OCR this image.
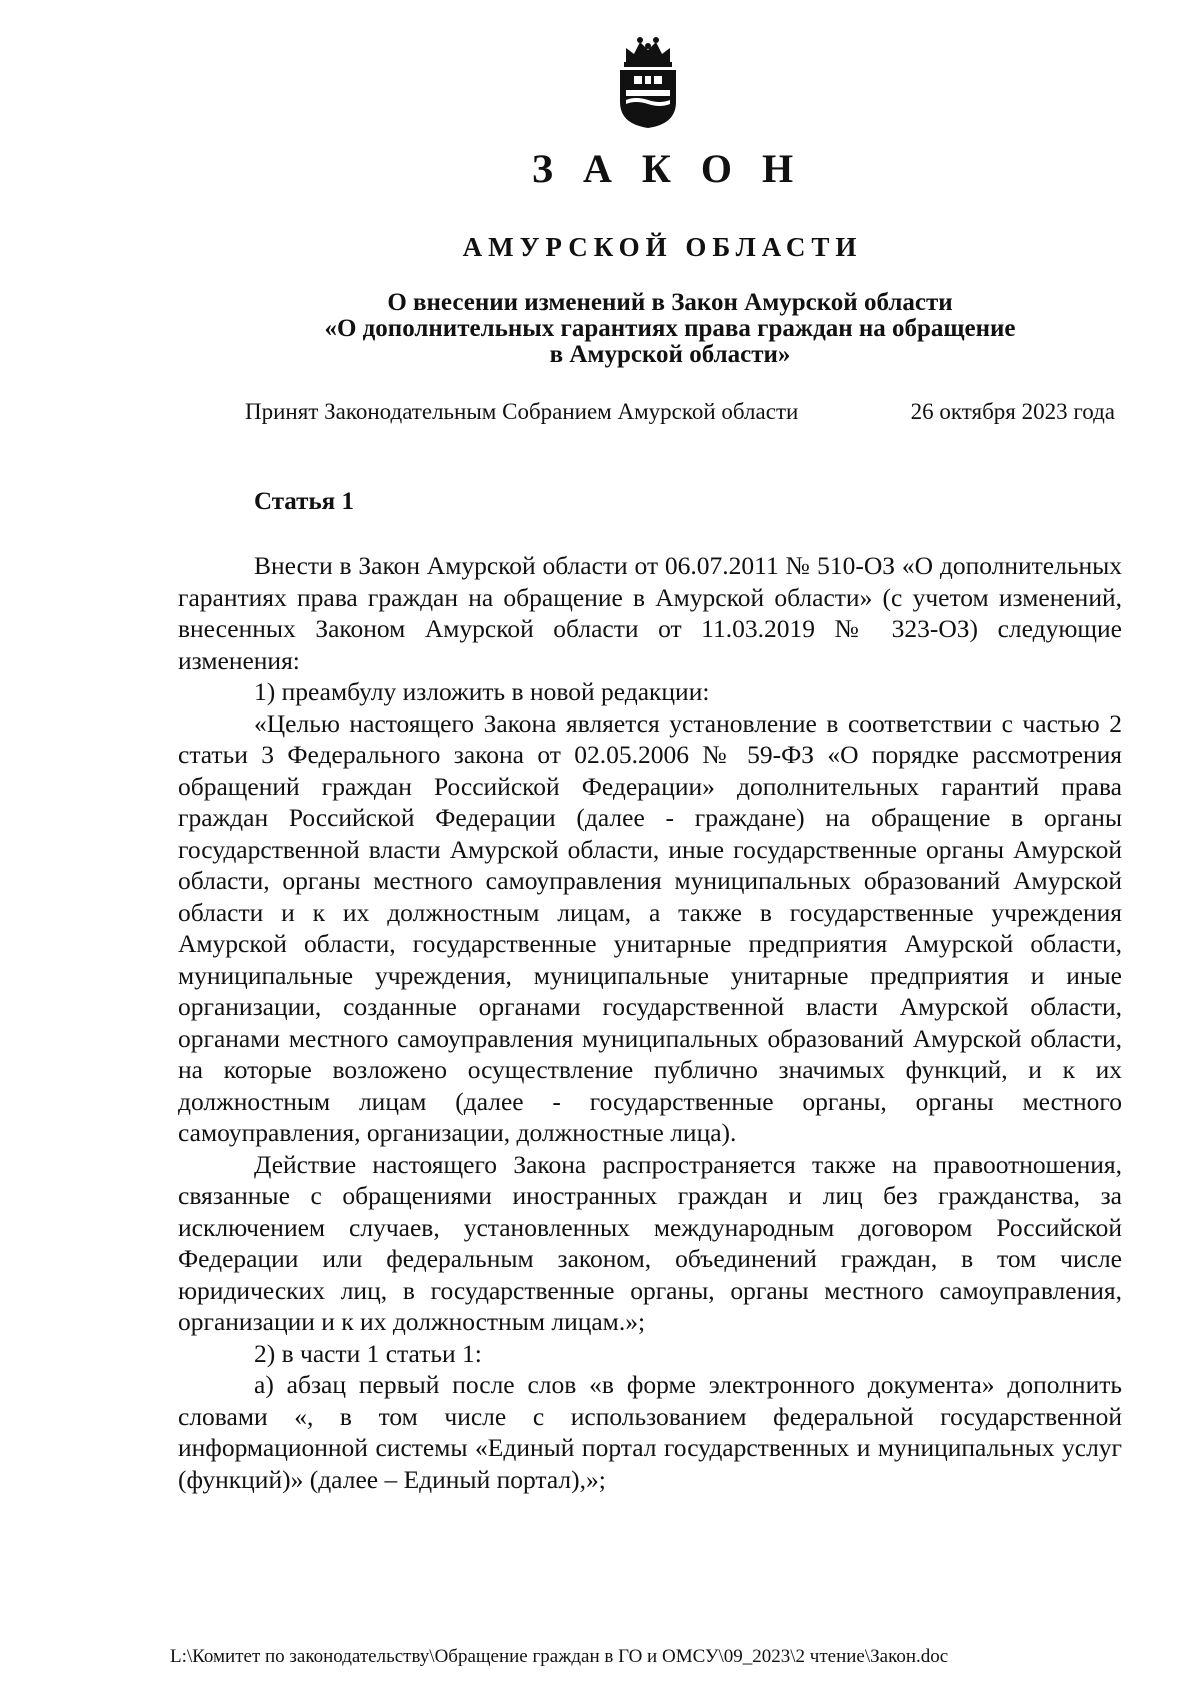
З А К О Н
АМУРСКОЙ ОБЛАСТИ
О внесении изменений в Закон Амурской области
«О дополнительных гарантиях права граждан на обращение
в Амурской области»
Принят Законодательным Собранием Амурской области	26 октября 2023 года
Статья 1

Внести в Закон Амурской области от 06.07.2011 № 510-ОЗ «О дополнительных гарантиях права граждан на обращение в Амурской области» (с учетом изменений, внесенных Законом Амурской области от 11.03.2019 № 323-ОЗ) следующие изменения:

1) преамбулу изложить в новой редакции:

«Целью настоящего Закона является установление в соответствии с частью 2 статьи 3 Федерального закона от 02.05.2006 № 59-ФЗ «О порядке рассмотрения обращений граждан Российской Федерации» дополнительных гарантий права граждан Российской Федерации (далее - граждане) на обращение в органы государственной власти Амурской области, иные государственные органы Амурской области, органы местного самоуправления муниципальных образований Амурской области и к их должностным лицам, а также в государственные учреждения Амурской области, государственные унитарные предприятия Амурской области, муниципальные учреждения, муниципальные унитарные предприятия и иные организации, созданные органами государственной власти Амурской области, органами местного самоуправления муниципальных образований Амурской области, на которые возложено осуществление публично значимых функций, и к их должностным лицам (далее - государственные органы, органы местного самоуправления, организации, должностные лица).

Действие настоящего Закона распространяется также на правоотношения, связанные с обращениями иностранных граждан и лиц без гражданства, за исключением случаев, установленных международным договором Российской Федерации или федеральным законом, объединений граждан, в том числе юридических лиц, в государственные органы, органы местного самоуправления, организации и к их должностным лицам.»;

2) в части 1 статьи 1:

а) абзац первый после слов «в форме электронного документа» дополнить словами «, в том числе с использованием федеральной государственной информационной системы «Единый портал государственных и муниципальных услуг (функций)» (далее – Единый портал),»;

L:\Комитет по законодательству\Обращение граждан в ГО и ОМСУ\09_2023\2 чтение\Закон.doc
